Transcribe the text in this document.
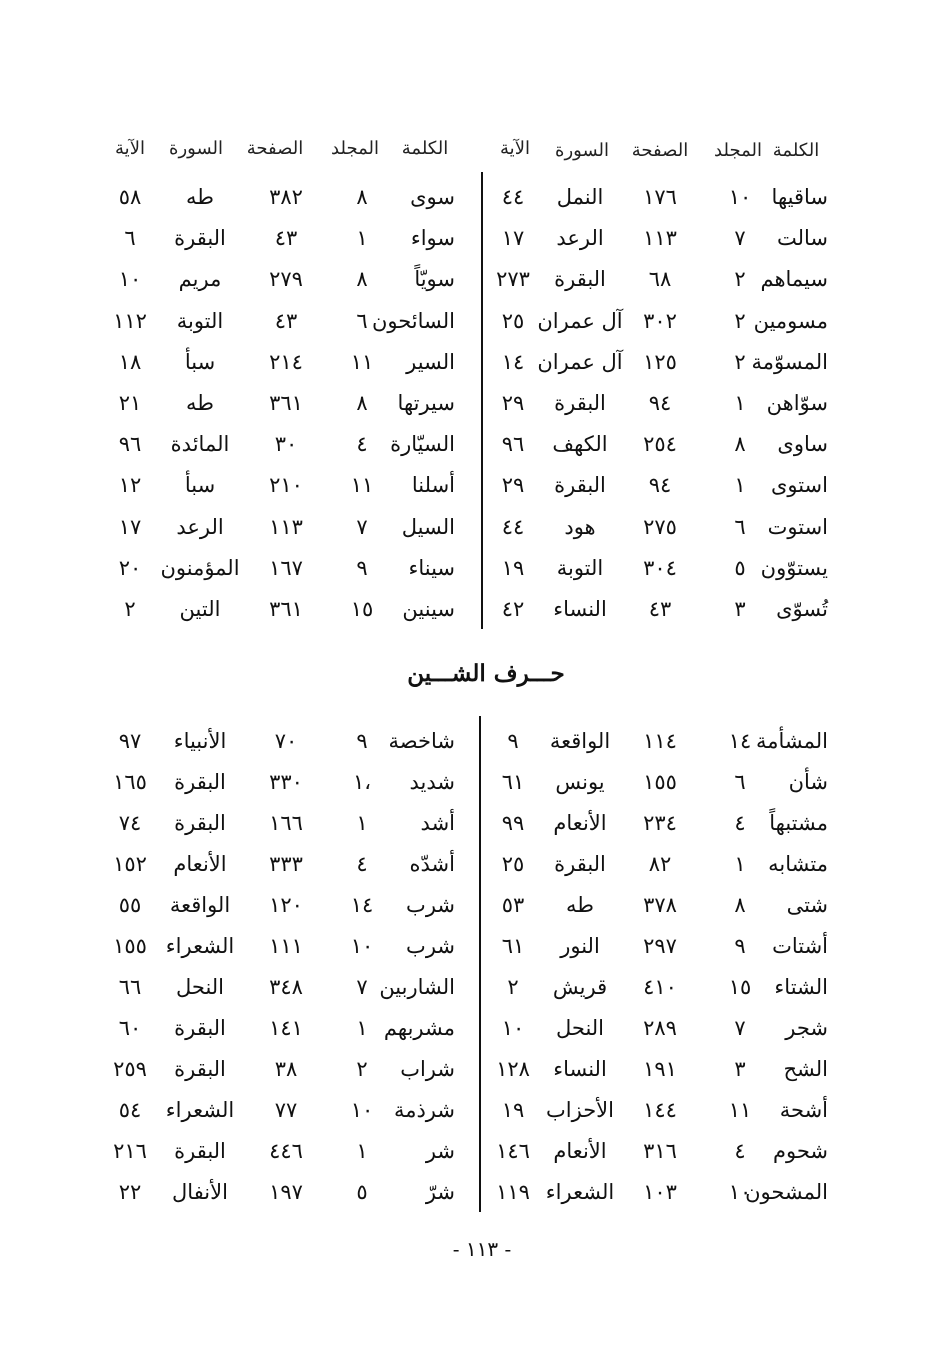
الكلمة
المجلد
الصفحة
السورة
الآية
الكلمة
المجلد
الصفحة
السورة
الآية
حـــرف الشـــين
- ١١٣ -
ساقيها
١٠
١٧٦
النمل
٤٤
سالت
٧
١١٣
الرعد
١٧
سيماهم
٢
٦٨
البقرة
٢٧٣
مسومين
٢
٣٠٢
آل عمران
٢٥
المسوّمة
٢
١٢٥
آل عمران
١٤
سوّاهن
١
٩٤
البقرة
٢٩
ساوى
٨
٢٥٤
الكهف
٩٦
استوى
١
٩٤
البقرة
٢٩
استوت
٦
٢٧٥
هود
٤٤
يستوّون
٥
٣٠٤
التوبة
١٩
تُسوّى
٣
٤٣
النساء
٤٢
سوى
٨
٣٨٢
طه
٥٨
سواء
١
٤٣
البقرة
٦
سويّاً
٨
٢٧٩
مريم
١٠
السائحون
٦
٤٣
التوبة
١١٢
السير
١١
٢١٤
سبأ
١٨
سيرتها
٨
٣٦١
طه
٢١
السيّارة
٤
٣٠
المائدة
٩٦
أسلنا
١١
٢١٠
سبأ
١٢
السيل
٧
١١٣
الرعد
١٧
سيناء
٩
١٦٧
المؤمنون
٢٠
سينين
١٥
٣٦١
التين
٢
المشأمة
١٤
١١٤
الواقعة
٩
شأن
٦
١٥٥
يونس
٦١
مشتبهاً
٤
٢٣٤
الأنعام
٩٩
متشابه
١
٨٢
البقرة
٢٥
شتى
٨
٣٧٨
طه
٥٣
أشتات
٩
٢٩٧
النور
٦١
الشتاء
١٥
٤١٠
قريش
٢
شجر
٧
٢٨٩
النحل
١٠
الشح
٣
١٩١
النساء
١٢٨
أشحة
١١
١٤٤
الأحزاب
١٩
شحوم
٤
٣١٦
الأنعام
١٤٦
المشحون
١٠
١٠٣
الشعراء
١١٩
شاخصة
٩
٧٠
الأنبياء
٩٧
شديد
١،
٣٣٠
البقرة
١٦٥
أشد
١
١٦٦
البقرة
٧٤
أشدّه
٤
٣٣٣
الأنعام
١٥٢
شرب
١٤
١٢٠
الواقعة
٥٥
شرب
١٠
١١١
الشعراء
١٥٥
الشاربين
٧
٣٤٨
النحل
٦٦
مشربهم
١
١٤١
البقرة
٦٠
شراب
٢
٣٨
البقرة
٢٥٩
شرذمة
١٠
٧٧
الشعراء
٥٤
شر
١
٤٤٦
البقرة
٢١٦
شرّ
٥
١٩٧
الأنفال
٢٢
